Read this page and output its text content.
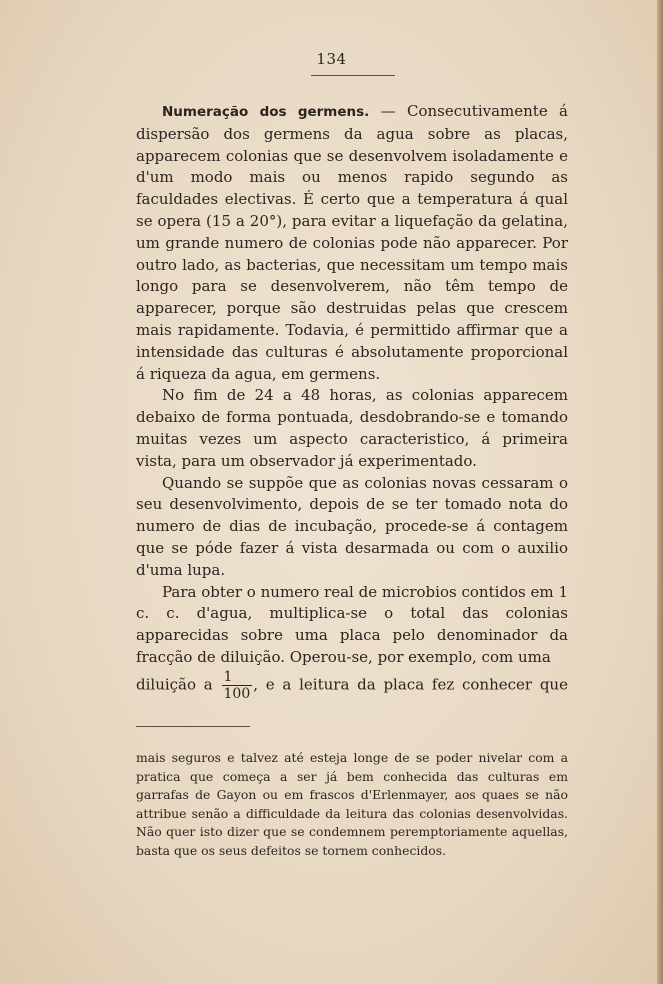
134

Numeração dos germens. — Consecutivamente á dispersão dos germens da agua sobre as placas, apparecem colonias que se desenvolvem isoladamente e d'um modo mais ou menos rapido segundo as faculdades electivas. É certo que a temperatura á qual se opera (15 a 20°), para evitar a liquefação da gelatina, um grande numero de colonias pode não apparecer. Por outro lado, as bacterias, que necessitam um tempo mais longo para se desenvolverem, não têm tempo de apparecer, porque são destruidas pelas que crescem mais rapidamente. Todavia, é permittido affirmar que a intensidade das culturas é absolutamente proporcional á riqueza da agua, em germens.

No fim de 24 a 48 horas, as colonias apparecem debaixo de forma pontuada, desdobrando-se e tomando muitas vezes um aspecto caracteristico, á primeira vista, para um observador já experimentado.

Quando se suppõe que as colonias novas cessaram o seu desenvolvimento, depois de se ter tomado nota do numero de dias de incubação, procede-se á contagem que se póde fazer á vista desarmada ou com o auxilio d'uma lupa.

Para obter o numero real de microbios contidos em 1 c. c. d'agua, multiplica-se o total das colonias apparecidas sobre uma placa pelo denominador da fracção de diluição. Operou-se, por exemplo, com uma

diluição a $\frac{1}{100}$ , e a leitura da placa fez conhecer que

mais seguros e talvez até esteja longe de se poder nivelar com a pratica que começa a ser já bem conhecida das culturas em garrafas de Gayon ou em frascos d'Erlenmayer, aos quaes se não attribue senão a difficuldade da leitura das colonias desenvolvidas. Não quer isto dizer que se condemnem peremptoriamente aquellas, basta que os seus defeitos se tornem conhecidos.
